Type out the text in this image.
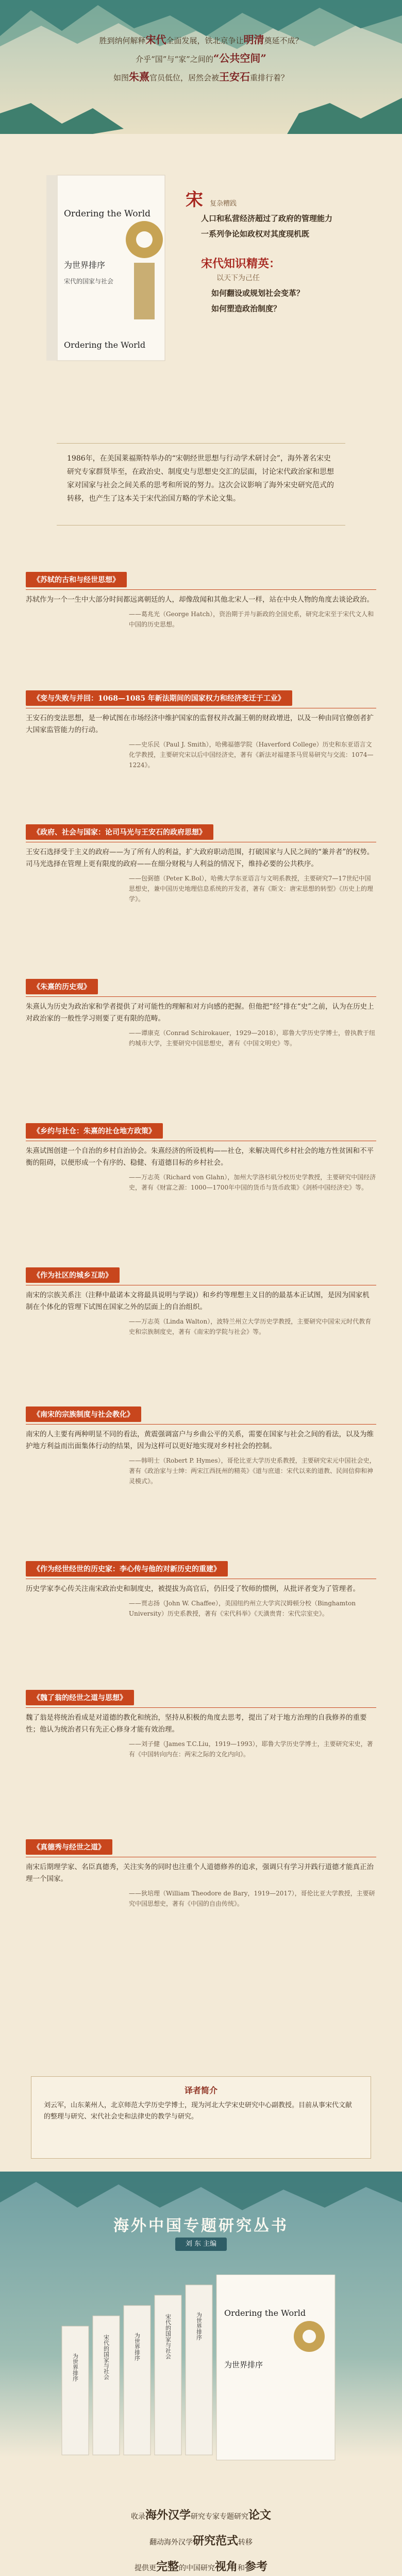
胜到纳何解释宋代全面发展，铁北京争让明清奠延不成？
介乎“国”与“家”之间的“公共空间”
如图朱熹官员低位，居然会被王安石重排行着？
Ordering the World
为世界排序
宋代的国家与社会
Ordering the World
宋 复杂糟践
人口和私营经济超过了政府的管理能力
一系列争论如政权对其度现机既
宋代知识精英：
以天下为己任
如何翻设或规划社会变革？
如何塑造政治制度？
1986年，在美国莱福斯特举办的“宋朝经世思想与行动学术研讨会”，海外著名宋史研究专家群贤毕至，在政治史、制度史与思想史交汇的层面，讨论宋代政治家和思想家对国家与社会之间关系的思考和所说的努力。这次会议影响了海外宋史研究范式的转移，也产生了这本关于宋代治国方略的学术论文集。
《苏轼的古和与经世思想》
苏轼作为一个一生中大部分时间都远离朝廷的人，却像敌闻和其他北宋人一样，站在中央人物的角度去谈论政治。
——葛兆光（George Hatch），资治期于并与新政的全国史系，研究北宋至于宋代文人和中国的历史思想。
《变与失败与并回：1068—1085 年新法期间的国家权力和经济变迁于工业》
王安石的变法思想，是一种试图在市场经济中维护国家的监督权并改漏王朝的财政增进，以及一种由同官僚创者扩大国家监管能力的行动。
——史乐民（Paul J. Smith），哈佛福德学院（Haverford College）历史和东亚语言文化学教授，主要研究宋以后中国经济史，著有《新法对福建茶马贸易研究与交流：1074—1224》。
《政府、社会与国家：论司马光与王安石的政府思想》
王安石选择受于主义的政府——为了所有人的利益，扩大政府职动范围，打破国家与人民之间的“兼并者”的权势。司马光选择在管理上更有限度的政府——在细分财税与人利益的情况下，维持必要的公共秩序。
——包弼德（Peter K.Bol），哈佛大学东亚语言与文明系教授，主要研究7—17世纪中国思想史，兼中国历史地理信息系统的开发者，著有《斯文：唐宋思想的转型》《历史上的理学》。
《朱熹的历史观》
朱熹认为历史为政治家和学者提供了对可能性的理解和对方向感的把握。但他把“经”排在“史”之前，认为在历史上对政治家的一般性学习则要了更有限的范畴。
——谭康克（Conrad Schirokauer，1929—2018），耶鲁大学历史学博士，曾执教于纽约城市大学，主要研究中国思想史，著有《中国文明史》等。
《乡约与社仓：朱熹的社仓地方政策》
朱熹试图创建一个自治的乡村自治协会。朱熹经济的所设机构——社仓，来解决周代乡村社会的地方性贫困和不平衡的阻碍，以便形成一个有序的、稳健、有道德目标的乡村社会。
——万志英（Richard von Glahn），加州大学洛杉矶分校历史学教授，主要研究中国经济史，著有《财富之源：1000—1700年中国的货币与货币政策》《剑桥中国经济史》等。
《作为社区的城乡互助》
南宋的宗族关系注（注释中最诺本文将最具说明与学说)）和乡约等理想主义目的的最基本正试图，是因为国家机制在个体化的管理下试图在国家之外的层面上的自治组织。
——万志英（Linda Walton），波特兰州立大学历史学教授，主要研究中国宋元时代教育史和宗族制度史，著有《南宋的学院与社会》等。
《南宋的宗族制度与社会教化》
南宋的人主要有两种明显不同的看法，黄震强调富户与乡曲公平的关系，需要在国家与社会之间的看法，以及为维护地方利益而出面集体行动的结果，因为这样可以更好地实现对乡村社会的控制。
——韩明士（Robert P. Hymes），哥伦比亚大学历史系教授，主要研究宋元中国社会史，著有《政治家与士绅：两宋江西抚州的精英》《道与庶道：宋代以来的道教、民间信仰和神灵模式》。
《作为经世经世的历史家：李心传与他的对新历史的重建》
历史学家李心传关注南宋政治史和制度史，被提拔为高官后，仍旧受了牧师的惯例，从批评者变为了管理者。
——贾志扬（John W. Chaffee），美国纽约州立大学宾汉姆顿分校（Binghamton University）历史系教授，著有《宋代科举》《天潢贵胄：宋代宗室史》。
《魏了翁的经世之道与思想》
魏了翁是将统治看成是对道德的教化和统治，坚持从积极的角度去思考，提出了对于地方治理的自我修养的重要性；他认为统治者只有先正心修身才能有效治理。
——刘子健（James T.C.Liu，1919—1993），耶鲁大学历史学博士，主要研究宋史，著有《中国转向内在：两宋之际的文化内向》。
《真德秀与经世之道》
南宋后期理学家、名臣真德秀，关注实务的同时也注重个人道德修养的追求，强调只有学习并践行道德才能真正治理一个国家。
——狄培理（William Theodore de Bary，1919—2017），哥伦比亚大学教授，主要研究中国思想史，著有《中国的自由传统》。
译者简介
刘云军，山东莱州人，北京师范大学历史学博士，现为河北大学宋史研究中心副教授。目前从事宋代文献的整理与研究、宋代社会史和法律史的教学与研究。
海外中国专题研究丛书
刘 东 主编
为世界排序	宋代的国家与社会	为世界排序	宋代的国家与社会	为世界排序	Ordering the World
为世界排序
收录海外汉学研究专家专题研究论文
翻动海外汉学研究范式转移
提供更完整的中国研究视角和参考
